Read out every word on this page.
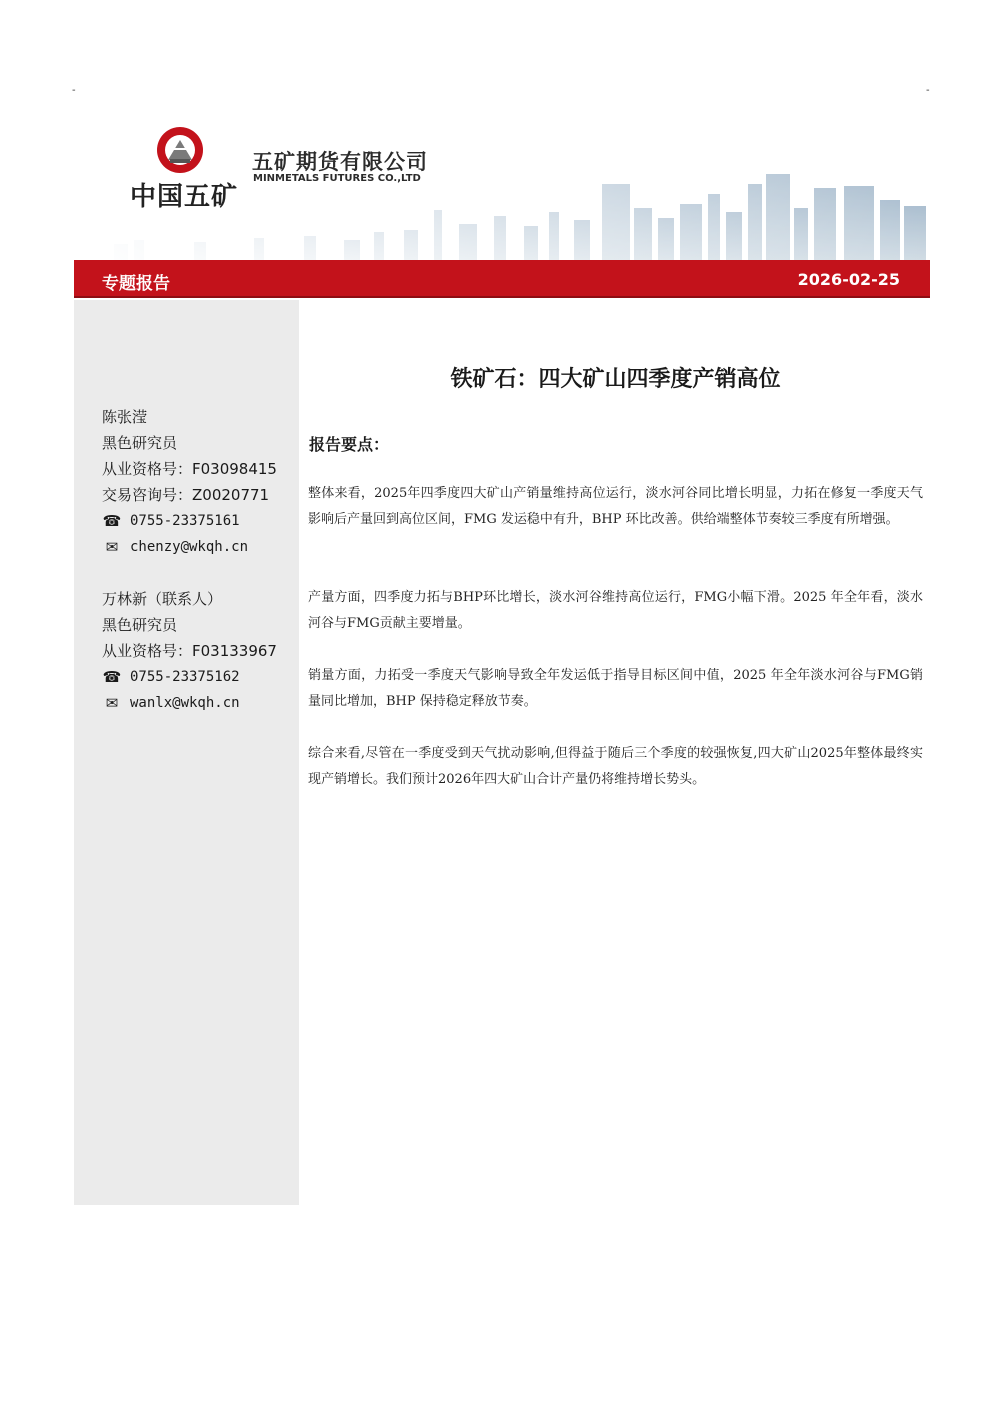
-	-
中国五矿
五矿期货有限公司
MINMETALS FUTURES CO.,LTD
专题报告	2026-02-25
陈张滢
黑色研究员
从业资格号：F03098415
交易咨询号：Z0020771
☎ 0755-23375161
✉ chenzy@wkqh.cn
万林新（联系人）
黑色研究员
从业资格号：F03133967
☎ 0755-23375162
✉ wanlx@wkqh.cn
铁矿石：四大矿山四季度产销高位
报告要点：

整体来看，2025年四季度四大矿山产销量维持高位运行，淡水河谷同比增长明显，力拓在修复一季度天气影响后产量回到高位区间，FMG 发运稳中有升，BHP 环比改善。供给端整体节奏较三季度有所增强。

产量方面，四季度力拓与BHP环比增长，淡水河谷维持高位运行，FMG小幅下滑。2025 年全年看，淡水河谷与FMG贡献主要增量。

销量方面，力拓受一季度天气影响导致全年发运低于指导目标区间中值，2025 年全年淡水河谷与FMG销量同比增加，BHP 保持稳定释放节奏。

综合来看,尽管在一季度受到天气扰动影响,但得益于随后三个季度的较强恢复,四大矿山2025年整体最终实现产销增长。我们预计2026年四大矿山合计产量仍将维持增长势头。
